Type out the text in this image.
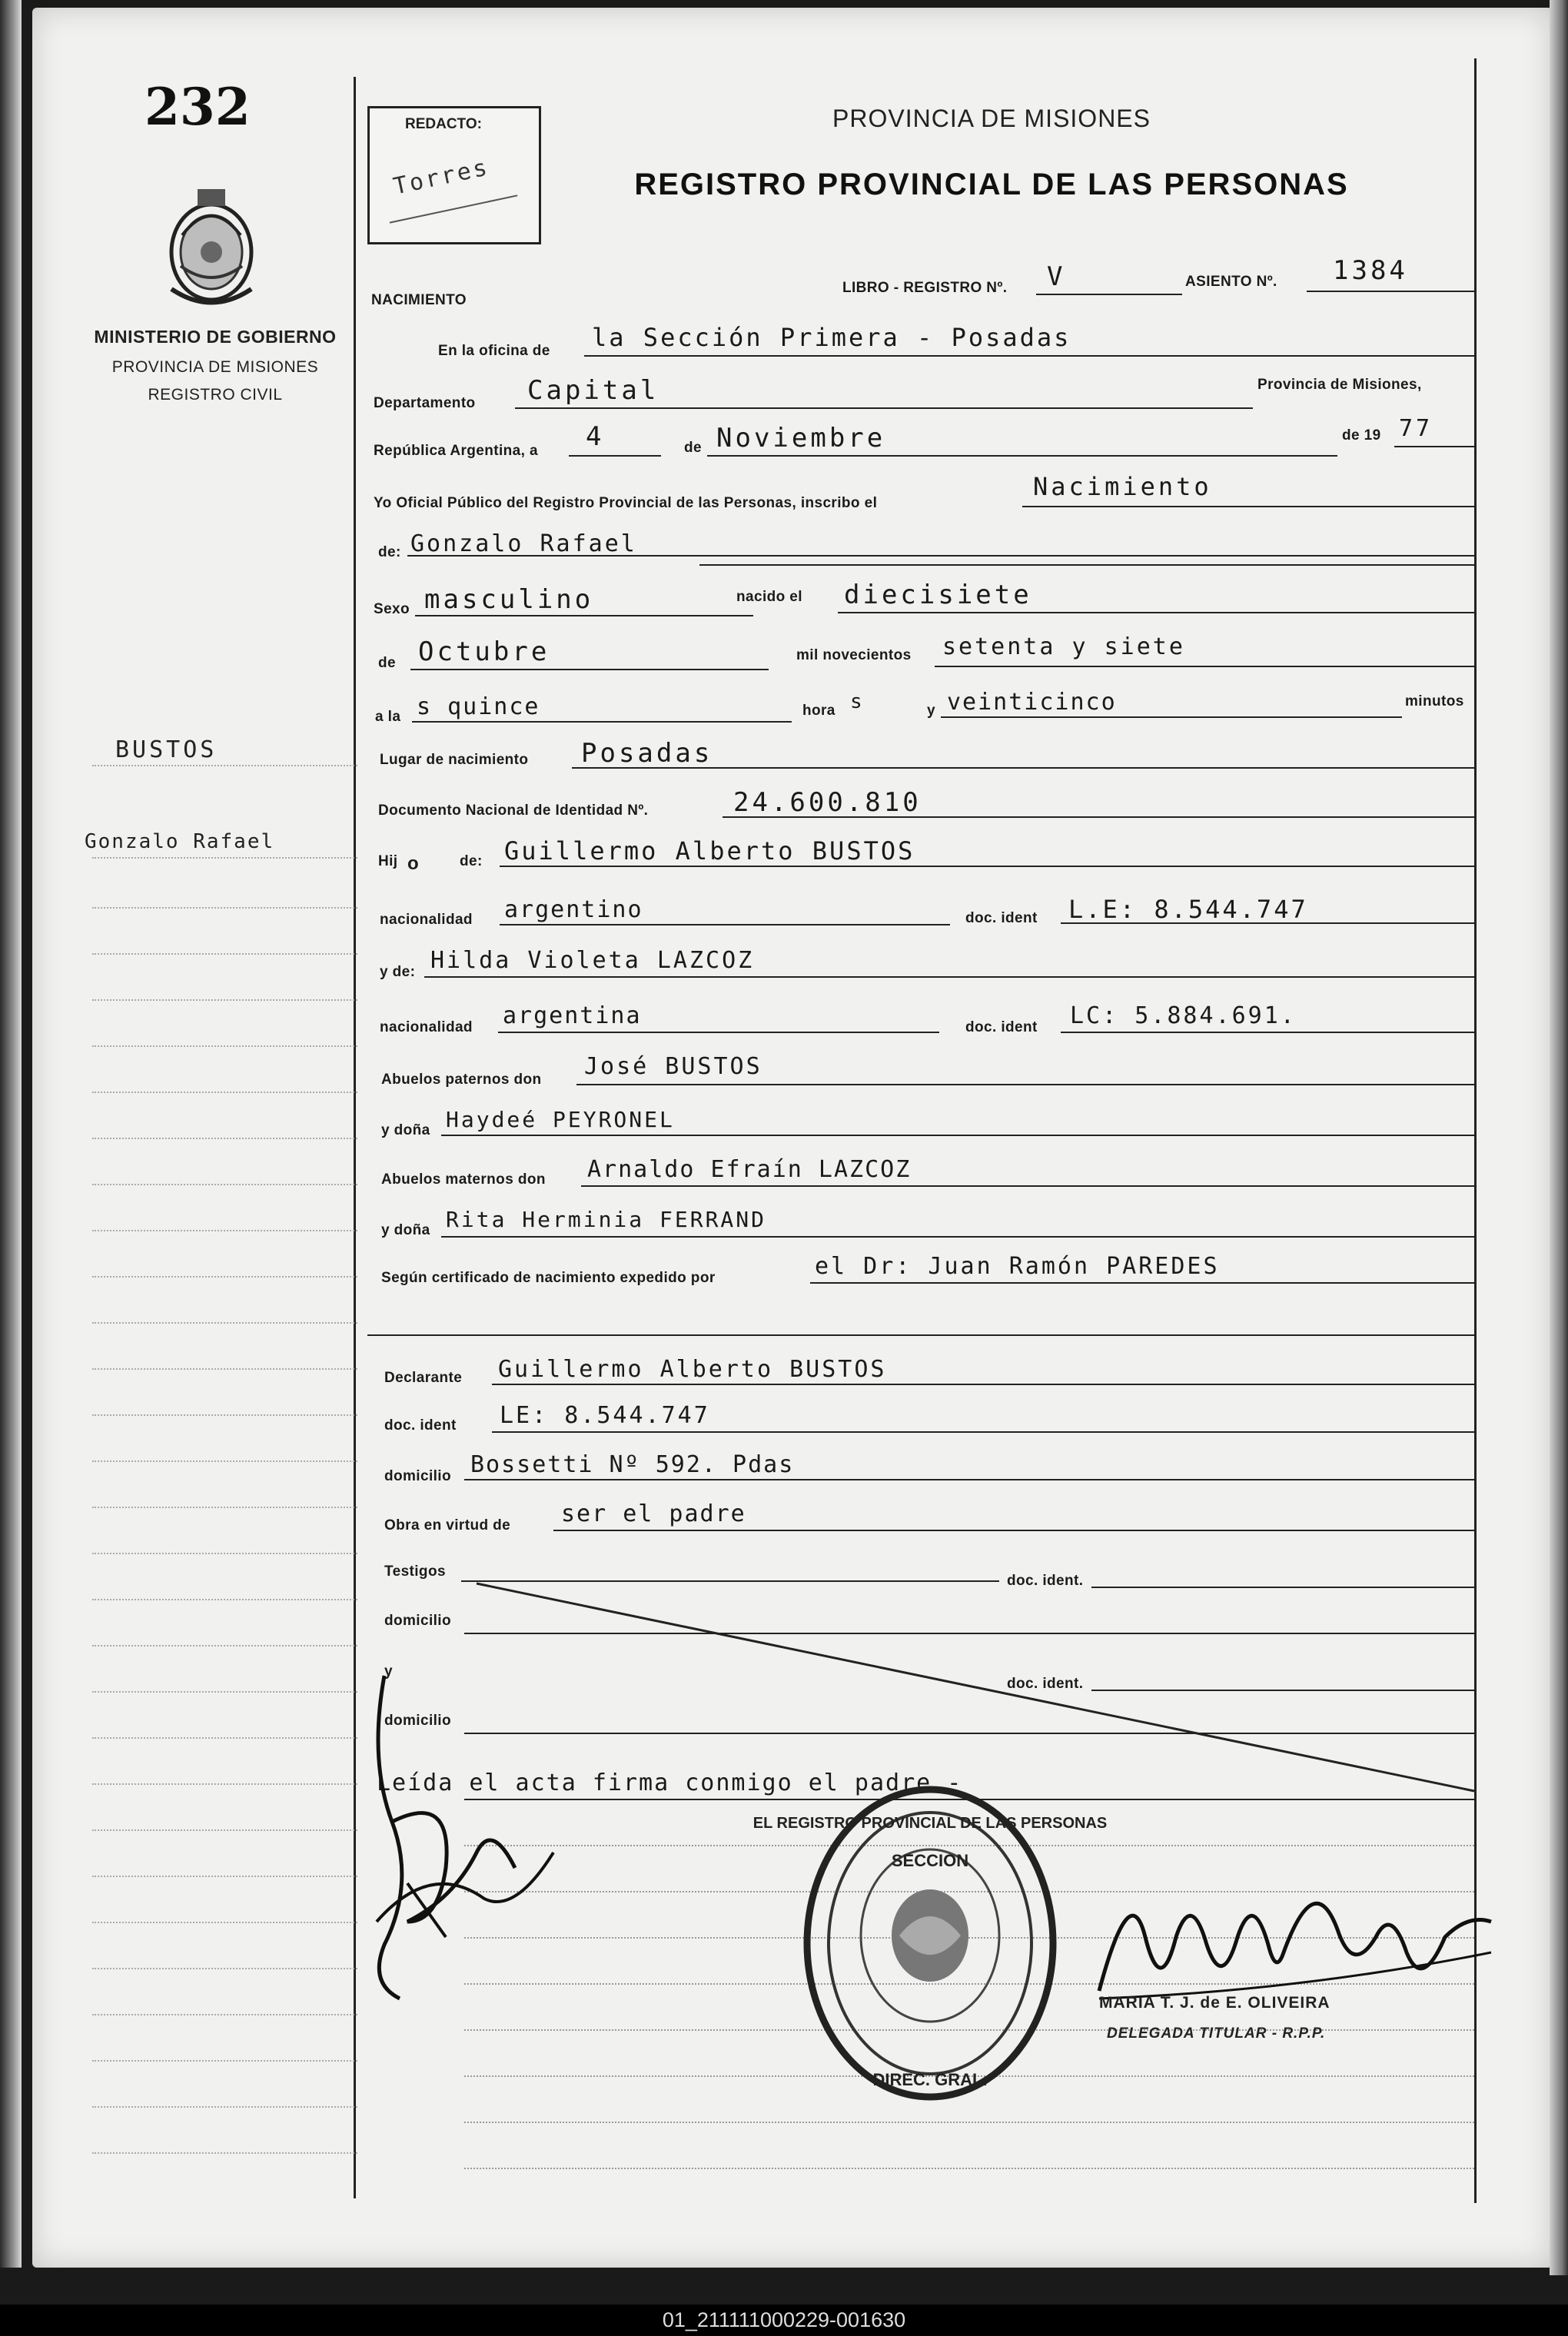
232
MINISTERIO DE GOBIERNO
PROVINCIA DE MISIONES
REGISTRO CIVIL
BUSTOS
Gonzalo Rafael
REDACTO:
Torres
PROVINCIA DE MISIONES
REGISTRO PROVINCIAL DE LAS PERSONAS
NACIMIENTO
LIBRO - REGISTRO Nº. V	ASIENTO Nº. 1384
En la oficina de la Sección Primera - Posadas
Departamento Capital	Provincia de Misiones,
República Argentina, a 4	de Noviembre	de 19 77
Yo Oficial Público del Registro Provincial de las Personas, inscribo el
Nacimiento
de: Gonzalo Rafael
Sexo masculino	nacido el diecisiete
de Octubre	mil novecientos setenta y siete
a la s quince	hora s	y veinticinco	minutos
Lugar de nacimiento Posadas
Documento Nacional de Identidad Nº.	24.600.810
Hij o	de: Guillermo Alberto BUSTOS
nacionalidad argentino	doc. ident L.E: 8.544.747
y de: Hilda Violeta LAZCOZ
nacionalidad argentina	doc. ident LC: 5.884.691.
Abuelos paternos don José BUSTOS
y doña Haydeé PEYRONEL
Abuelos maternos don Arnaldo Efraín LAZCOZ
y doña Rita Herminia FERRAND
Según certificado de nacimiento expedido por	el Dr: Juan Ramón PAREDES
Declarante Guillermo Alberto BUSTOS
doc. ident LE: 8.544.747
domicilio Bossetti Nº 592. Pdas
Obra en virtud de ser el padre
Testigos
doc. ident.
domicilio
y
doc. ident.
domicilio
Leída el acta firma conmigo el padre.-
EL REGISTRO PROVINCIAL DE LAS PERSONAS
SECCION
DIREC. GRAL.
MARIA T. J. de E. OLIVEIRA
DELEGADA TITULAR - R.P.P.
01_211111000229-001630
